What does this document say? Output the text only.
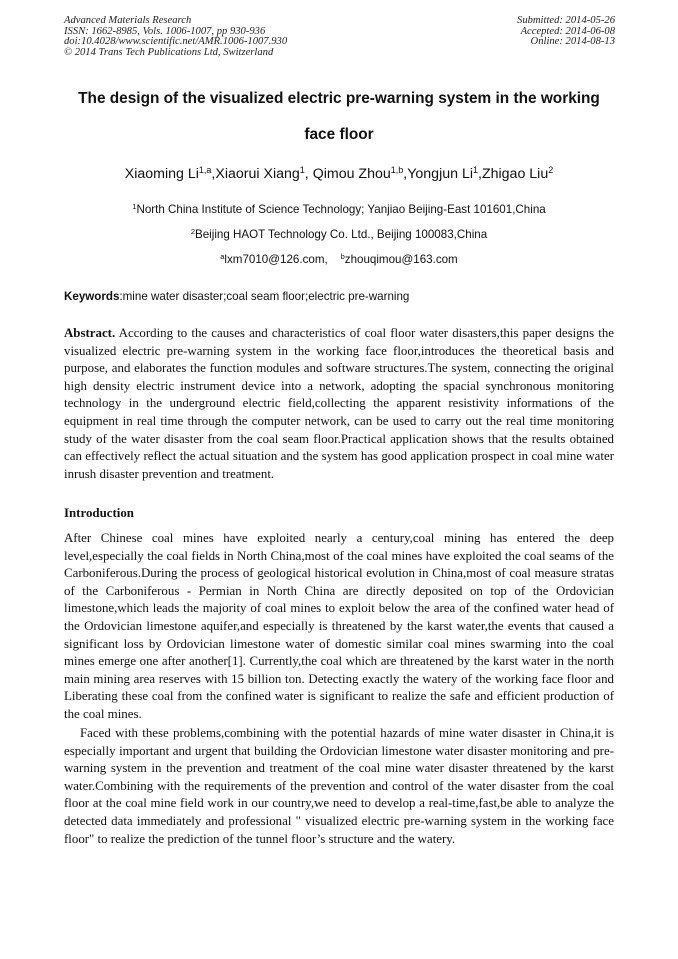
Advanced Materials Research
ISSN: 1662-8985, Vols. 1006-1007, pp 930-936
doi:10.4028/www.scientific.net/AMR.1006-1007.930
© 2014 Trans Tech Publications Ltd, Switzerland
Submitted: 2014-05-26
Accepted: 2014-06-08
Online: 2014-08-13
The design of the visualized electric pre-warning system in the working
face floor
Xiaoming Li$^{1,a}$,Xiaorui Xiang$^1$, Qimou Zhou$^{1,b}$,Yongjun Li$^1$,Zhigao Liu$^2$
$^1$North China Institute of Science Technology; Yanjiao Beijing-East 101601,China
$^2$Beijing HAOT Technology Co. Ltd., Beijing 100083,China
$^a$lxm7010@126.com, $^b$zhouqimou@163.com
Keywords:mine water disaster;coal seam floor;electric pre-warning
Abstract. According to the causes and characteristics of coal floor water disasters,this paper designs the visualized electric pre-warning system in the working face floor,introduces the theoretical basis and purpose, and elaborates the function modules and software structures.The system, connecting the original high density electric instrument device into a network, adopting the spacial synchronous monitoring technology in the underground electric field,collecting the apparent resistivity informations of the equipment in real time through the computer network, can be used to carry out the real time monitoring study of the water disaster from the coal seam floor.Practical application shows that the results obtained can effectively reflect the actual situation and the system has good application prospect in coal mine water inrush disaster prevention and treatment.
Introduction
After Chinese coal mines have exploited nearly a century,coal mining has entered the deep level,especially the coal fields in North China,most of the coal mines have exploited the coal seams of the Carboniferous.During the process of geological historical evolution in China,most of coal measure stratas of the Carboniferous - Permian in North China are directly deposited on top of the Ordovician limestone,which leads the majority of coal mines to exploit below the area of the confined water head of the Ordovician limestone aquifer,and especially is threatened by the karst water,the events that caused a significant loss by Ordovician limestone water of domestic similar coal mines swarming into the coal mines emerge one after another[1]. Currently,the coal which are threatened by the karst water in the north main mining area reserves with 15 billion ton. Detecting exactly the watery of the working face floor and Liberating these coal from the confined water is significant to realize the safe and efficient production of the coal mines.
Faced with these problems,combining with the potential hazards of mine water disaster in China,it is especially important and urgent that building the Ordovician limestone water disaster monitoring and pre-warning system in the prevention and treatment of the coal mine water disaster threatened by the karst water.Combining with the requirements of the prevention and control of the water disaster from the coal floor at the coal mine field work in our country,we need to develop a real-time,fast,be able to analyze the detected data immediately and professional " visualized electric pre-warning system in the working face floor" to realize the prediction of the tunnel floor’s structure and the watery.
